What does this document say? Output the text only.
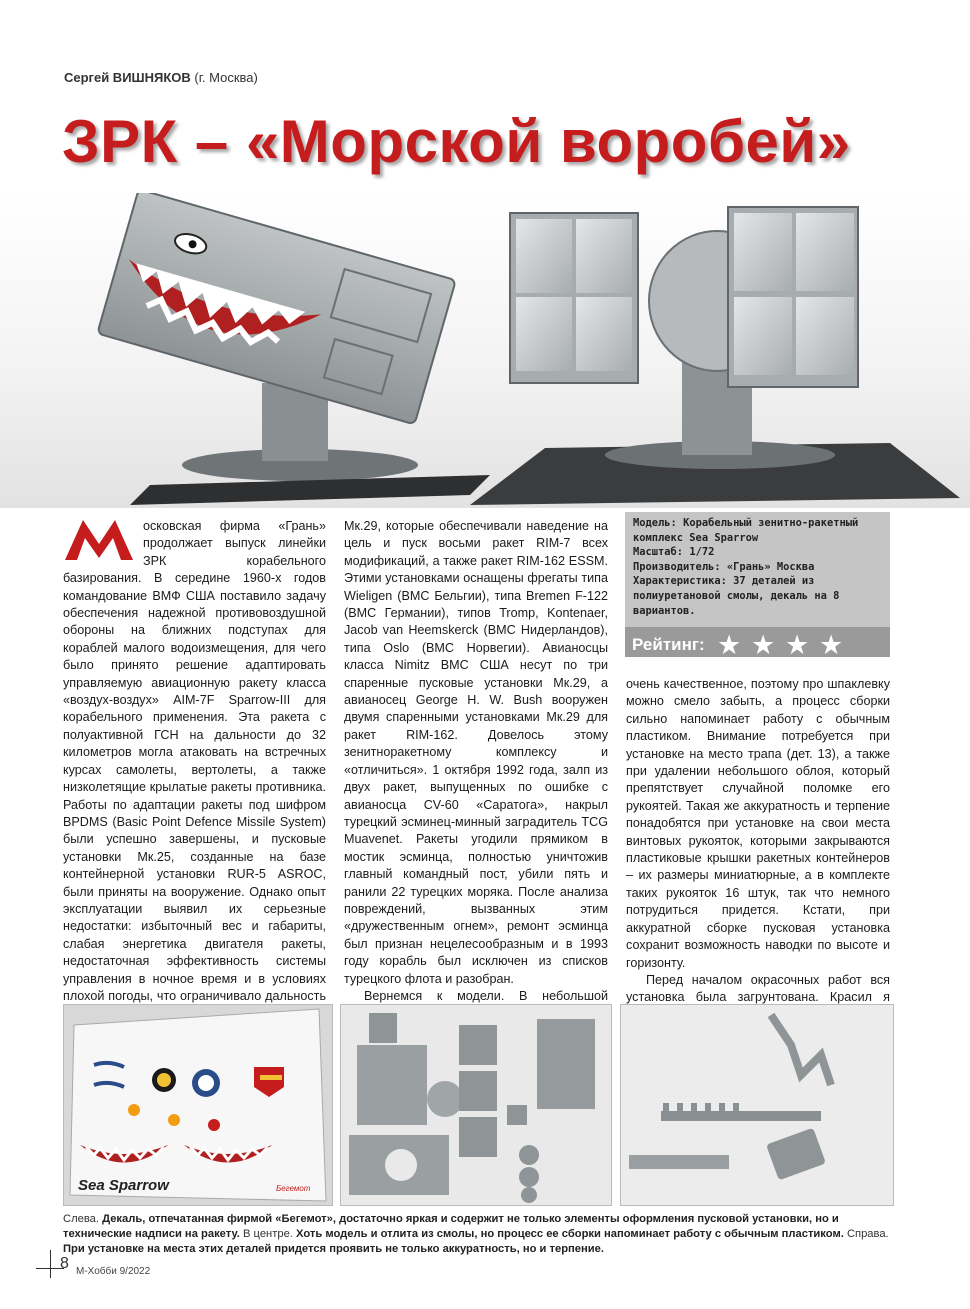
Сергей ВИШНЯКОВ (г. Москва)
ЗРК – «Морской воробей»

осковская фирма «Грань» продолжает выпуск линейки ЗРК корабельного базирования. В середине 1960-х годов командование ВМФ США поставило задачу обеспечения надежной противовоздушной обороны на ближних подступах для кораблей малого водоизмещения, для чего было принято решение адаптировать управляемую авиационную ракету класса «воздух-воздух» AIM-7F Sparrow-III для корабельного применения. Эта ракета с полуактивной ГСН на дальности до 32 километров могла атаковать на встречных курсах самолеты, вертолеты, а также низколетящие крылатые ракеты противника. Работы по адаптации ракеты под шифром BPDMS (Basic Point Defence Missile System) были успешно завершены, и пусковые установки Мк.25, созданные на базе контейнерной установки RUR-5 ASROC, были приняты на вооружение. Однако опыт эксплуатации выявил их серьезные недостатки: избыточный вес и габариты, слабая энергетика двигателя ракеты, недостаточная эффективность системы управления в ночное время и в условиях плохой погоды, что ограничивало дальность

Мк.29, которые обеспечивали наведение на цель и пуск восьми ракет RIM-7 всех модификаций, а также ракет RIM-162 ESSM. Этими установками оснащены фрегаты типа Wieligen (ВМС Бельгии), типа Bremen F-122 (ВМС Германии), типов Tromp, Kontenaer, Jacob van Heemskerck (ВМС Нидерландов), типа Oslo (ВМС Норвегии). Авианосцы класса Nimitz ВМС США несут по три спаренные пусковые установки Мк.29, а авианосец George H. W. Bush вооружен двумя спаренными установками Мк.29 для ракет RIM-162. Довелось этому зенитноракетному комплексу и «отличиться». 1 октября 1992 года, залп из двух ракет, выпущенных по ошибке с авианосца CV-60 «Саратога», накрыл турецкий эсминец-минный заградитель TCG Muavenet. Ракеты угодили прямиком в мостик эсминца, полностью уничтожив главный командный пост, убили пять и ранили 22 турецких моряка. После анализа повреждений, вызванных этим «дружественным огнем», ремонт эсминца был признан нецелесообразным и в 1993 году корабль был исключен из списков турецкого флота и разобран.

Вернемся к модели. В небольшой

Модель: Корабельный зенитно-ракетный комплекс Sea Sparrow
Масштаб: 1/72
Производитель: «Грань» Москва
Характеристика: 37 деталей из полиуретановой смолы, декаль на 8 вариантов.
Рейтинг: ★ ★ ★ ★

очень качественное, поэтому про шпаклевку можно смело забыть, а процесс сборки сильно напоминает работу с обычным пластиком. Внимание потребуется при установке на место трапа (дет. 13), а также при удалении небольшого облоя, который препятствует случайной поломке его рукоятей. Такая же аккуратность и терпение понадобятся при установке на свои места винтовых рукояток, которыми закрываются пластиковые крышки ракетных контейнеров – их размеры миниатюрные, а в комплекте таких рукояток 16 штук, так что немного потрудиться придется. Кстати, при аккуратной сборке пусковая установка сохранит возможность наводки по высоте и горизонту.

Перед началом окрасочных работ вся установка была загрунтована. Красил я

Sea Sparrow	Бегемот
Слева. Декаль, отпечатанная фирмой «Бегемот», достаточно яркая и содержит не только элементы оформления пусковой установки, но и технические надписи на ракету. В центре. Хоть модель и отлита из смолы, но процесс ее сборки напоминает работу с обычным пластиком. Справа. При установке на места этих деталей придется проявить не только аккуратность, но и терпение.
8 М-Хобби 9/2022
